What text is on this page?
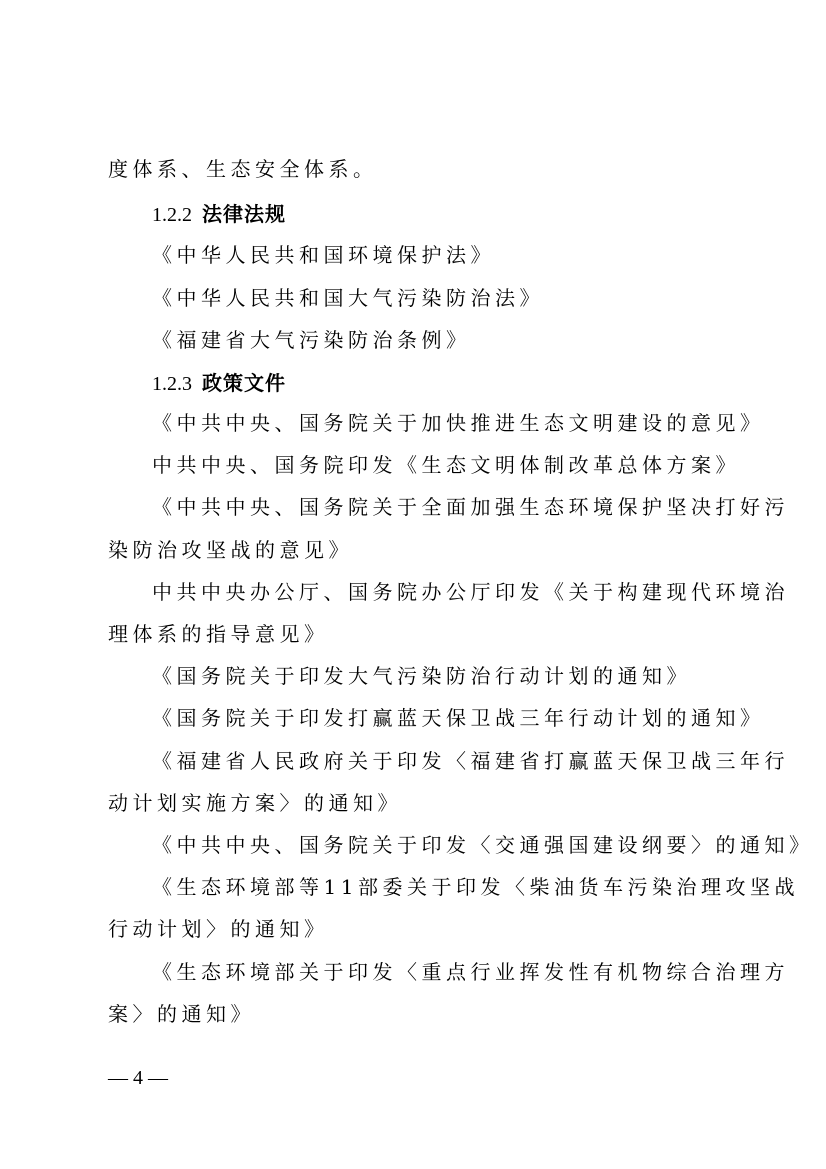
度体系、生态安全体系。
1.2.2 法律法规
《中华人民共和国环境保护法》
《中华人民共和国大气污染防治法》
《福建省大气污染防治条例》
1.2.3 政策文件
《中共中央、国务院关于加快推进生态文明建设的意见》
中共中央、国务院印发《生态文明体制改革总体方案》
《中共中央、国务院关于全面加强生态环境保护坚决打好污
染防治攻坚战的意见》
中共中央办公厅、国务院办公厅印发《关于构建现代环境治
理体系的指导意见》
《国务院关于印发大气污染防治行动计划的通知》
《国务院关于印发打赢蓝天保卫战三年行动计划的通知》
《福建省人民政府关于印发〈福建省打赢蓝天保卫战三年行
动计划实施方案〉的通知》
《中共中央、国务院关于印发〈交通强国建设纲要〉的通知》
《生态环境部等11部委关于印发〈柴油货车污染治理攻坚战
行动计划〉的通知》
《生态环境部关于印发〈重点行业挥发性有机物综合治理方
案〉的通知》
— 4 —
